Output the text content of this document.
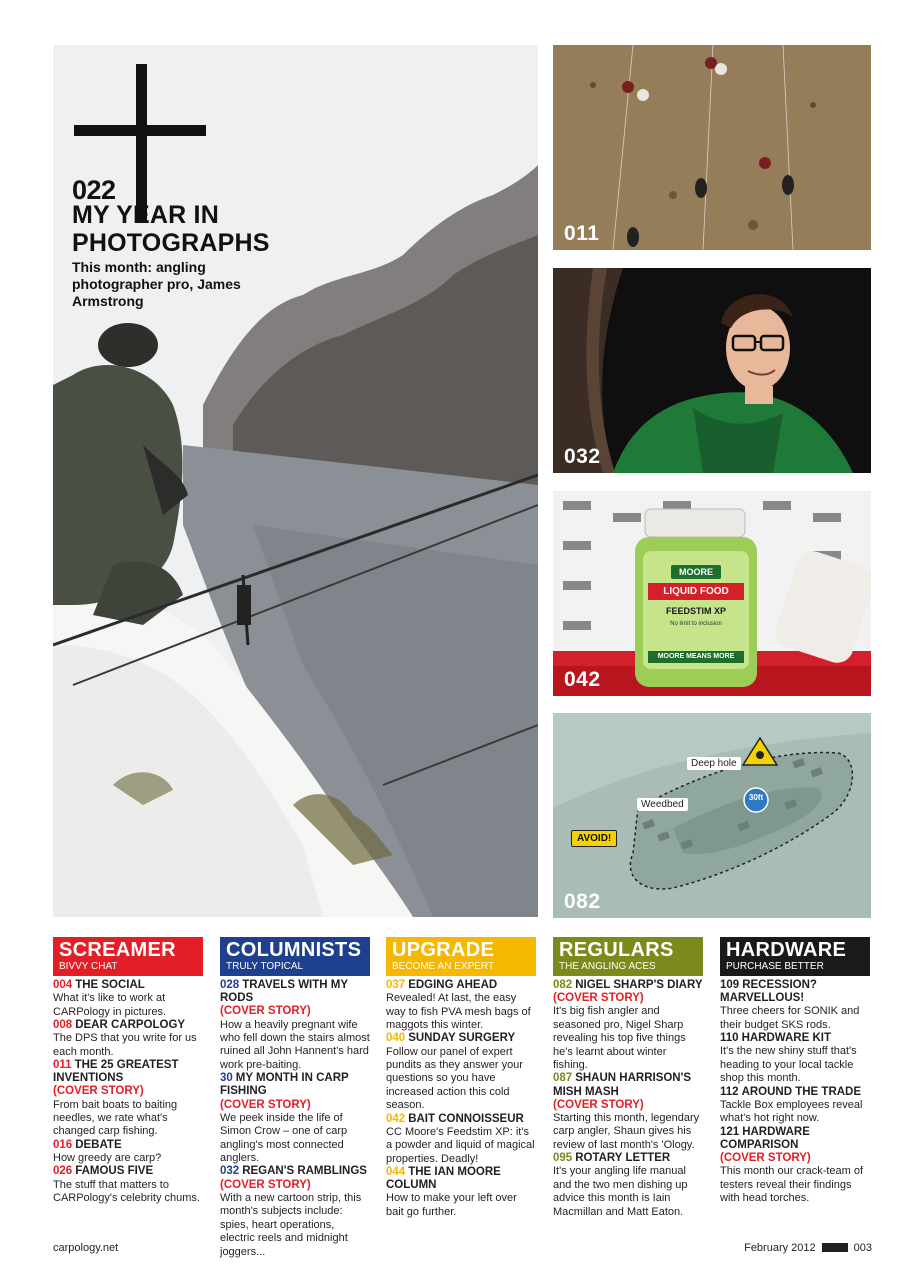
022
MY YEAR IN PHOTOGRAPHS
This month: angling photographer pro, James Armstrong
011
032
MOORE
LIQUID FOOD
FEEDSTIM XP
No limit to inclusion
MOORE MEANS MORE
042
Deep hole
30ft
Weedbed
AVOID!
082
SCREAMER
BIVVY CHAT
004 THE SOCIAL
What it's like to work at CARPology in pictures.
008 DEAR CARPOLOGY
The DPS that you write for us each month.
011 THE 25 GREATEST INVENTIONS
(COVER STORY)
From bait boats to baiting needles, we rate what's changed carp fishing.
016 DEBATE
How greedy are carp?
026 FAMOUS FIVE
The stuff that matters to CARPology's celebrity chums.
COLUMNISTS
TRULY TOPICAL
028 TRAVELS WITH MY RODS
(COVER STORY)
How a heavily pregnant wife who fell down the stairs almost ruined all John Hannent's hard work pre-baiting.
30 MY MONTH IN CARP FISHING
(COVER STORY)
We peek inside the life of Simon Crow – one of carp angling's most connected anglers.
032 REGAN'S RAMBLINGS
(COVER STORY)
With a new cartoon strip, this month's subjects include: spies, heart operations, electric reels and midnight joggers...
UPGRADE
BECOME AN EXPERT
037 EDGING AHEAD
Revealed! At last, the easy way to fish PVA mesh bags of maggots this winter.
040 SUNDAY SURGERY
Follow our panel of expert pundits as they answer your questions so you have increased action this cold season.
042 BAIT CONNOISSEUR
CC Moore's Feedstim XP: it's a powder and liquid of magical properties. Deadly!
044 THE IAN MOORE COLUMN
How to make your left over bait go further.
REGULARS
THE ANGLING ACES
082 NIGEL SHARP'S DIARY
(COVER STORY)
It's big fish angler and seasoned pro, Nigel Sharp revealing his top five things he's learnt about winter fishing.
087 SHAUN HARRISON'S MISH MASH
(COVER STORY)
Starting this month, legendary carp angler, Shaun gives his review of last month's 'Ology.
095 ROTARY LETTER
It's your angling life manual and the two men dishing up advice this month is Iain Macmillan and Matt Eaton.
HARDWARE
PURCHASE BETTER
109 RECESSION? MARVELLOUS!
Three cheers for SONIK and their budget SKS rods.
110 HARDWARE KIT
It's the new shiny stuff that's heading to your local tackle shop this month.
112 AROUND THE TRADE
Tackle Box employees reveal what's hot right now.
121 HARDWARE COMPARISON
(COVER STORY)
This month our crack-team of testers reveal their findings with head torches.
carpology.net	February 2012	003
